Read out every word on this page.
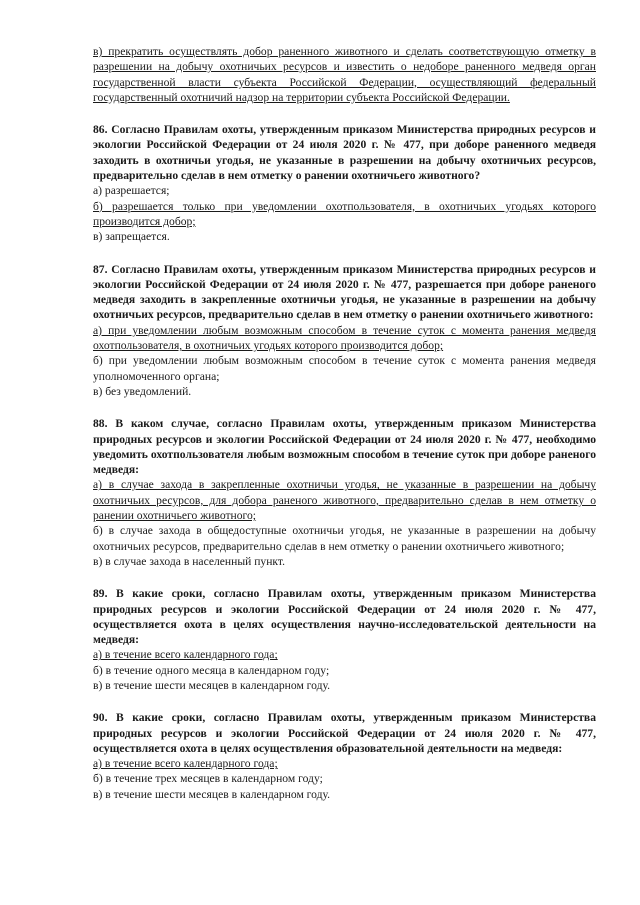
в) прекратить осуществлять добор раненного животного и сделать соответствующую отметку в разрешении на добычу охотничьих ресурсов и известить о недоборе раненного медведя орган государственной власти субъекта Российской Федерации, осуществляющий федеральный государственный охотничий надзор на территории субъекта Российской Федерации.
86. Согласно Правилам охоты, утвержденным приказом Министерства природных ресурсов и экологии Российской Федерации от 24 июля 2020 г. № 477, при доборе раненного медведя заходить в охотничьи угодья, не указанные в разрешении на добычу охотничьих ресурсов, предварительно сделав в нем отметку о ранении охотничьего животного?
а) разрешается;
б) разрешается только при уведомлении охотпользователя, в охотничьих угодьях которого производится добор;
в) запрещается.
87. Согласно Правилам охоты, утвержденным приказом Министерства природных ресурсов и экологии Российской Федерации от 24 июля 2020 г. № 477, разрешается при доборе раненого медведя заходить в закрепленные охотничьи угодья, не указанные в разрешении на добычу охотничьих ресурсов, предварительно сделав в нем отметку о ранении охотничьего животного:
а) при уведомлении любым возможным способом в течение суток с момента ранения медведя охотпользователя, в охотничьих угодьях которого производится добор;
б) при уведомлении любым возможным способом в течение суток с момента ранения медведя уполномоченного органа;
в) без уведомлений.
88. В каком случае, согласно Правилам охоты, утвержденным приказом Министерства природных ресурсов и экологии Российской Федерации от 24 июля 2020 г. № 477, необходимо уведомить охотпользователя любым возможным способом в течение суток при доборе раненого медведя:
а) в случае захода в закрепленные охотничьи угодья, не указанные в разрешении на добычу охотничьих ресурсов, для добора раненого животного, предварительно сделав в нем отметку о ранении охотничьего животного;
б) в случае захода в общедоступные охотничьи угодья, не указанные в разрешении на добычу охотничьих ресурсов, предварительно сделав в нем отметку о ранении охотничьего животного;
в) в случае захода в населенный пункт.
89. В какие сроки, согласно Правилам охоты, утвержденным приказом Министерства природных ресурсов и экологии Российской Федерации от 24 июля 2020 г. № 477, осуществляется охота в целях осуществления научно-исследовательской деятельности на медведя:
а) в течение всего календарного года;
б) в течение одного месяца в календарном году;
в) в течение шести месяцев в календарном году.
90. В какие сроки, согласно Правилам охоты, утвержденным приказом Министерства природных ресурсов и экологии Российской Федерации от 24 июля 2020 г. № 477, осуществляется охота в целях осуществления образовательной деятельности на медведя:
а) в течение всего календарного года;
б) в течение трех месяцев в календарном году;
в) в течение шести месяцев в календарном году.
